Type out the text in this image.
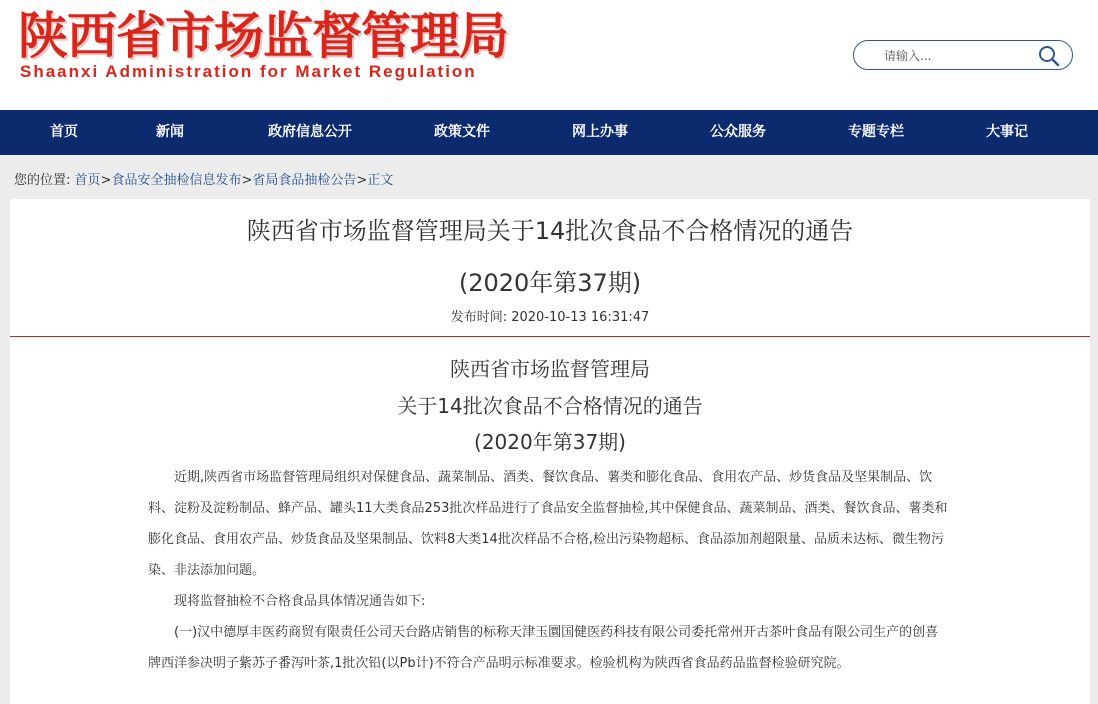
陕西省市场监督管理局
Shaanxi Administration for Market Regulation
请输入...
首页	新闻	政府信息公开	政策文件	网上办事	公众服务	专题专栏	大事记
您的位置: 首页>食品安全抽检信息发布>省局食品抽检公告>正文
陕西省市场监督管理局关于14批次食品不合格情况的通告
(2020年第37期)
发布时间: 2020-10-13 16:31:47
陕西省市场监督管理局
关于14批次食品不合格情况的通告
(2020年第37期)

近期,陕西省市场监督管理局组织对保健食品、蔬菜制品、酒类、餐饮食品、薯类和膨化食品、食用农产品、炒货食品及坚果制品、饮料、淀粉及淀粉制品、蜂产品、罐头11大类食品253批次样品进行了食品安全监督抽检,其中保健食品、蔬菜制品、酒类、餐饮食品、薯类和膨化食品、食用农产品、炒货食品及坚果制品、饮料8大类14批次样品不合格,检出污染物超标、食品添加剂超限量、品质未达标、微生物污染、非法添加问题。

现将监督抽检不合格食品具体情况通告如下:

(一)汉中德厚丰医药商贸有限责任公司天台路店销售的标称天津玉圜国健医药科技有限公司委托常州开古茶叶食品有限公司生产的创喜牌西洋参决明子紫苏子番泻叶茶,1批次铅(以Pb计)不符合产品明示标准要求。检验机构为陕西省食品药品监督检验研究院。
